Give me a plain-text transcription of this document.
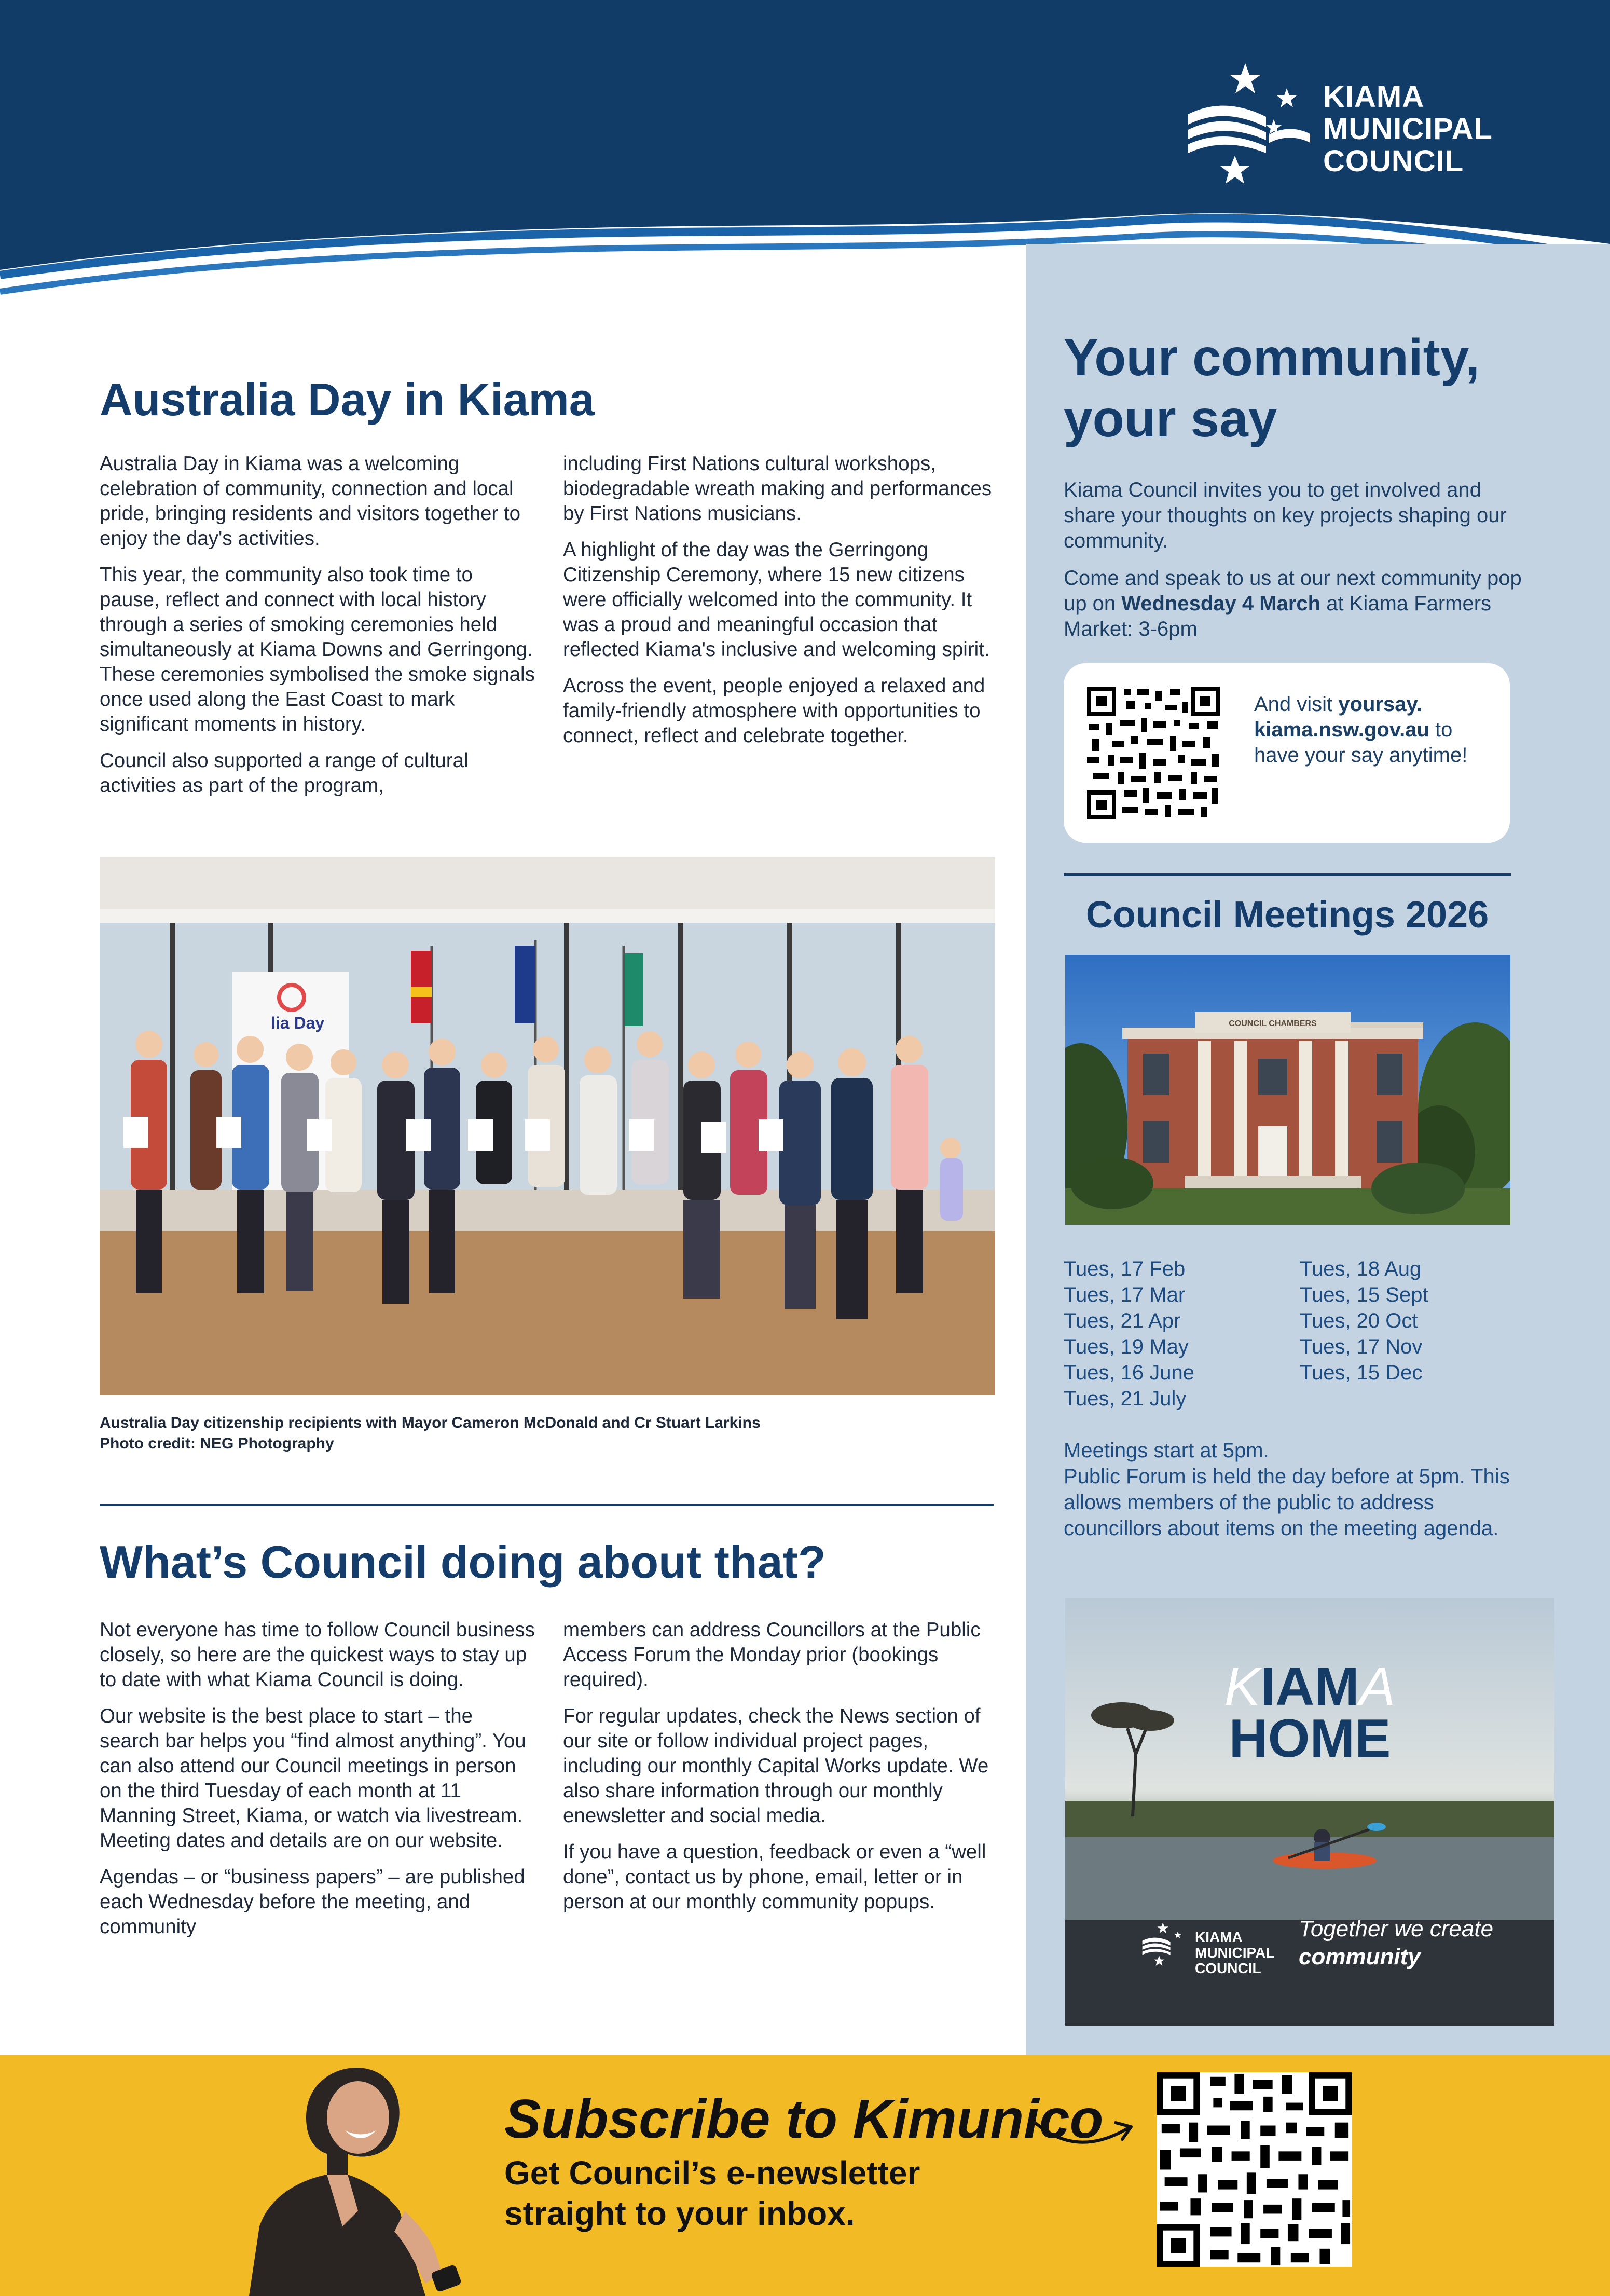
KIAMA
MUNICIPAL
COUNCIL
Your community,
your say
Kiama Council invites you to get involved and share your thoughts on key projects shaping our community.
Come and speak to us at our next community pop up on Wednesday 4 March at Kiama Farmers Market: 3-6pm
And visit yoursay. kiama.nsw.gov.au to have your say anytime!
Council Meetings 2026
COUNCIL CHAMBERS
Tues, 17 Feb
Tues, 17 Mar
Tues, 21 Apr
Tues, 19 May
Tues, 16 June
Tues, 21 July
Tues, 18 Aug
Tues, 15 Sept
Tues, 20 Oct
Tues, 17 Nov
Tues, 15 Dec
Meetings start at 5pm.
Public Forum is held the day before at 5pm. This allows members of the public to address councillors about items on the meeting agenda.
KIAMA
HOME
KIAMA
MUNICIPAL
COUNCIL
Together we create
community
Australia Day in Kiama

Australia Day in Kiama was a welcoming celebration of community, connection and local pride, bringing residents and visitors together to enjoy the day's activities.

This year, the community also took time to pause, reflect and connect with local history through a series of smoking ceremonies held simultaneously at Kiama Downs and Gerringong. These ceremonies symbolised the smoke signals once used along the East Coast to mark significant moments in history.

Council also supported a range of cultural activities as part of the program,

including First Nations cultural workshops, biodegradable wreath making and performances by First Nations musicians.

A highlight of the day was the Gerringong Citizenship Ceremony, where 15 new citizens were officially welcomed into the community. It was a proud and meaningful occasion that reflected Kiama's inclusive and welcoming spirit.

Across the event, people enjoyed a relaxed and family-friendly atmosphere with opportunities to connect, reflect and celebrate together.

lia Day
Australia Day citizenship recipients with Mayor Cameron McDonald and Cr Stuart Larkins
Photo credit: NEG Photography
What’s Council doing about that?

Not everyone has time to follow Council business closely, so here are the quickest ways to stay up to date with what Kiama Council is doing.

Our website is the best place to start – the search bar helps you “find almost anything”. You can also attend our Council meetings in person on the third Tuesday of each month at 11 Manning Street, Kiama, or watch via livestream. Meeting dates and details are on our website.

Agendas – or “business papers” – are published each Wednesday before the meeting, and community

members can address Councillors at the Public Access Forum the Monday prior (bookings required).

For regular updates, check the News section of our site or follow individual project pages, including our monthly Capital Works update. We also share information through our monthly enewsletter and social media.

If you have a question, feedback or even a “well done”, contact us by phone, email, letter or in person at our monthly community popups.

Subscribe to Kimunico
Get Council’s e-newsletter
straight to your inbox.
